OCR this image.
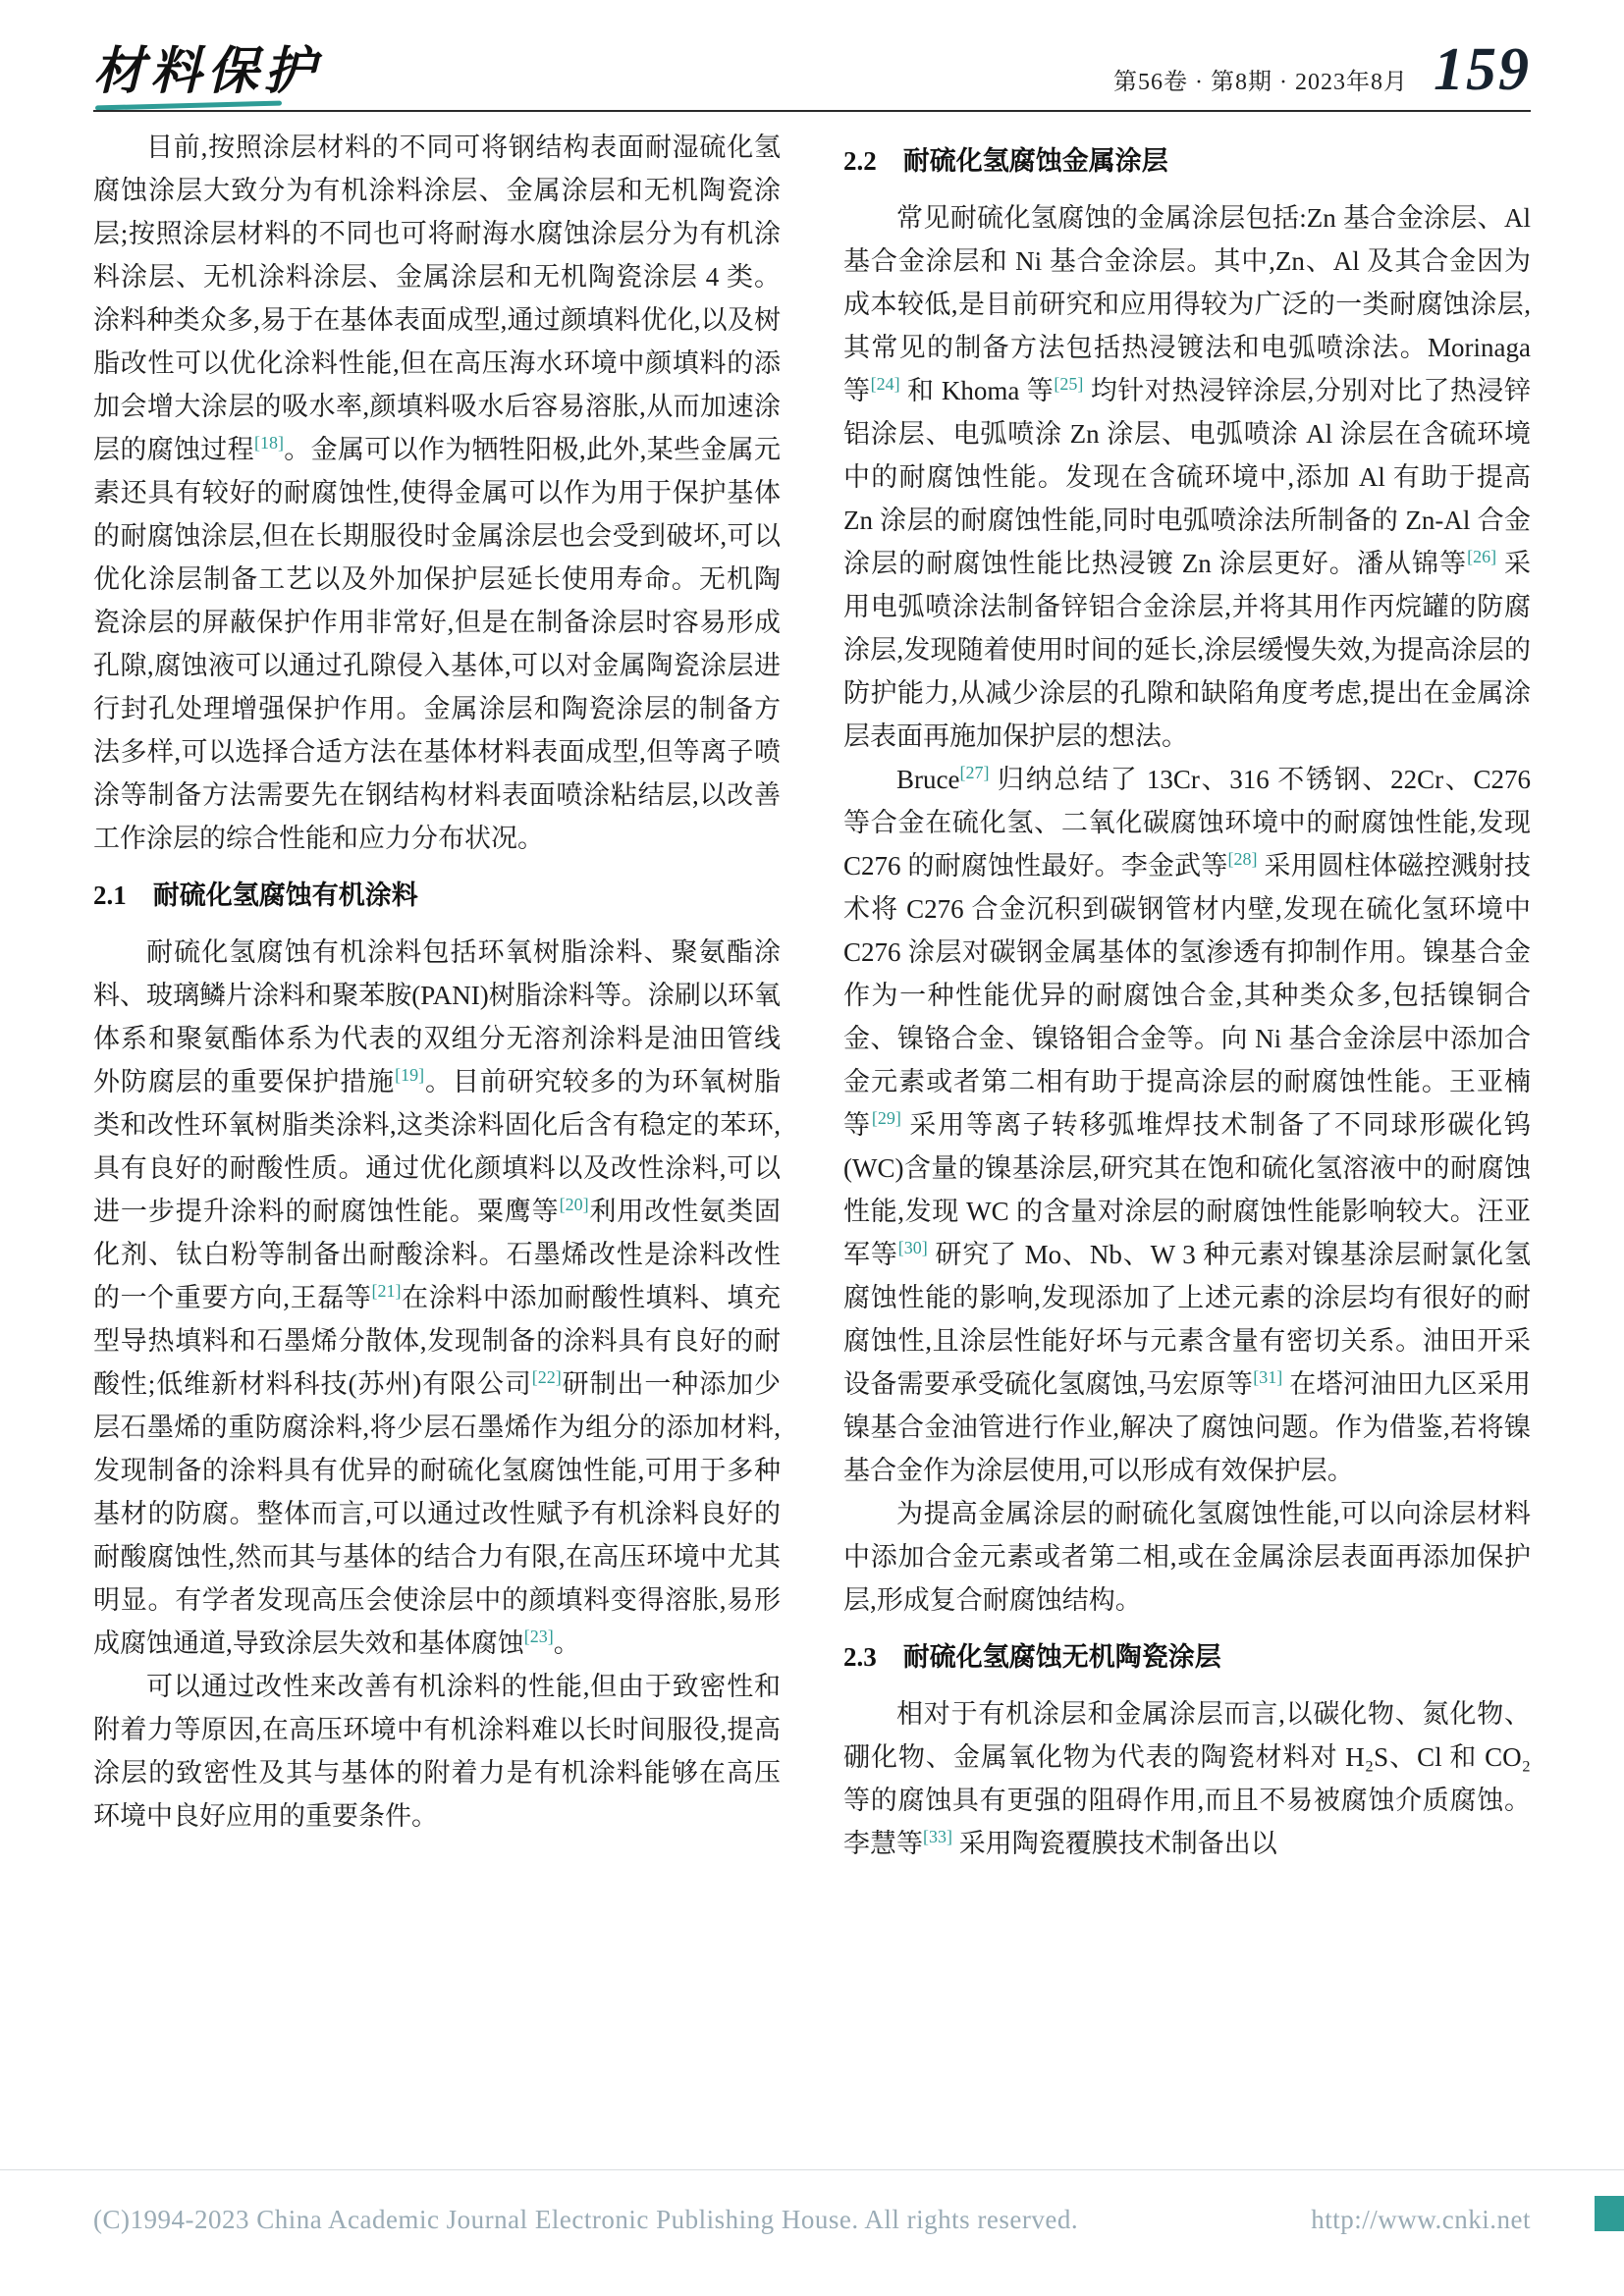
材料保护	第56卷 · 第8期 · 2023年8月 159

目前,按照涂层材料的不同可将钢结构表面耐湿硫化氢腐蚀涂层大致分为有机涂料涂层、金属涂层和无机陶瓷涂层;按照涂层材料的不同也可将耐海水腐蚀涂层分为有机涂料涂层、无机涂料涂层、金属涂层和无机陶瓷涂层 4 类。涂料种类众多,易于在基体表面成型,通过颜填料优化,以及树脂改性可以优化涂料性能,但在高压海水环境中颜填料的添加会增大涂层的吸水率,颜填料吸水后容易溶胀,从而加速涂层的腐蚀过程[18]。金属可以作为牺牲阳极,此外,某些金属元素还具有较好的耐腐蚀性,使得金属可以作为用于保护基体的耐腐蚀涂层,但在长期服役时金属涂层也会受到破坏,可以优化涂层制备工艺以及外加保护层延长使用寿命。无机陶瓷涂层的屏蔽保护作用非常好,但是在制备涂层时容易形成孔隙,腐蚀液可以通过孔隙侵入基体,可以对金属陶瓷涂层进行封孔处理增强保护作用。金属涂层和陶瓷涂层的制备方法多样,可以选择合适方法在基体材料表面成型,但等离子喷涂等制备方法需要先在钢结构材料表面喷涂粘结层,以改善工作涂层的综合性能和应力分布状况。

2.1　耐硫化氢腐蚀有机涂料

耐硫化氢腐蚀有机涂料包括环氧树脂涂料、聚氨酯涂料、玻璃鳞片涂料和聚苯胺(PANI)树脂涂料等。涂刷以环氧体系和聚氨酯体系为代表的双组分无溶剂涂料是油田管线外防腐层的重要保护措施[19]。目前研究较多的为环氧树脂类和改性环氧树脂类涂料,这类涂料固化后含有稳定的苯环,具有良好的耐酸性质。通过优化颜填料以及改性涂料,可以进一步提升涂料的耐腐蚀性能。粟鹰等[20]利用改性氨类固化剂、钛白粉等制备出耐酸涂料。石墨烯改性是涂料改性的一个重要方向,王磊等[21]在涂料中添加耐酸性填料、填充型导热填料和石墨烯分散体,发现制备的涂料具有良好的耐酸性;低维新材料科技(苏州)有限公司[22]研制出一种添加少层石墨烯的重防腐涂料,将少层石墨烯作为组分的添加材料,发现制备的涂料具有优异的耐硫化氢腐蚀性能,可用于多种基材的防腐。整体而言,可以通过改性赋予有机涂料良好的耐酸腐蚀性,然而其与基体的结合力有限,在高压环境中尤其明显。有学者发现高压会使涂层中的颜填料变得溶胀,易形成腐蚀通道,导致涂层失效和基体腐蚀[23]。

可以通过改性来改善有机涂料的性能,但由于致密性和附着力等原因,在高压环境中有机涂料难以长时间服役,提高涂层的致密性及其与基体的附着力是有机涂料能够在高压环境中良好应用的重要条件。

2.2　耐硫化氢腐蚀金属涂层

常见耐硫化氢腐蚀的金属涂层包括:Zn 基合金涂层、Al 基合金涂层和 Ni 基合金涂层。其中,Zn、Al 及其合金因为成本较低,是目前研究和应用得较为广泛的一类耐腐蚀涂层,其常见的制备方法包括热浸镀法和电弧喷涂法。Morinaga 等[24] 和 Khoma 等[25] 均针对热浸锌涂层,分别对比了热浸锌铝涂层、电弧喷涂 Zn 涂层、电弧喷涂 Al 涂层在含硫环境中的耐腐蚀性能。发现在含硫环境中,添加 Al 有助于提高 Zn 涂层的耐腐蚀性能,同时电弧喷涂法所制备的 Zn-Al 合金涂层的耐腐蚀性能比热浸镀 Zn 涂层更好。潘从锦等[26] 采用电弧喷涂法制备锌铝合金涂层,并将其用作丙烷罐的防腐涂层,发现随着使用时间的延长,涂层缓慢失效,为提高涂层的防护能力,从减少涂层的孔隙和缺陷角度考虑,提出在金属涂层表面再施加保护层的想法。

Bruce[27] 归纳总结了 13Cr、316 不锈钢、22Cr、C276 等合金在硫化氢、二氧化碳腐蚀环境中的耐腐蚀性能,发现 C276 的耐腐蚀性最好。李金武等[28] 采用圆柱体磁控溅射技术将 C276 合金沉积到碳钢管材内壁,发现在硫化氢环境中 C276 涂层对碳钢金属基体的氢渗透有抑制作用。镍基合金作为一种性能优异的耐腐蚀合金,其种类众多,包括镍铜合金、镍铬合金、镍铬钼合金等。向 Ni 基合金涂层中添加合金元素或者第二相有助于提高涂层的耐腐蚀性能。王亚楠等[29] 采用等离子转移弧堆焊技术制备了不同球形碳化钨(WC)含量的镍基涂层,研究其在饱和硫化氢溶液中的耐腐蚀性能,发现 WC 的含量对涂层的耐腐蚀性能影响较大。汪亚军等[30] 研究了 Mo、Nb、W 3 种元素对镍基涂层耐氯化氢腐蚀性能的影响,发现添加了上述元素的涂层均有很好的耐腐蚀性,且涂层性能好坏与元素含量有密切关系。油田开采设备需要承受硫化氢腐蚀,马宏原等[31] 在塔河油田九区采用镍基合金油管进行作业,解决了腐蚀问题。作为借鉴,若将镍基合金作为涂层使用,可以形成有效保护层。

为提高金属涂层的耐硫化氢腐蚀性能,可以向涂层材料中添加合金元素或者第二相,或在金属涂层表面再添加保护层,形成复合耐腐蚀结构。

2.3　耐硫化氢腐蚀无机陶瓷涂层

相对于有机涂层和金属涂层而言,以碳化物、氮化物、硼化物、金属氧化物为代表的陶瓷材料对 H₂S、Cl 和 CO₂ 等的腐蚀具有更强的阻碍作用,而且不易被腐蚀介质腐蚀。李慧等[33] 采用陶瓷覆膜技术制备出以

(C)1994-2023 China Academic Journal Electronic Publishing House. All rights reserved.	http://www.cnki.net
